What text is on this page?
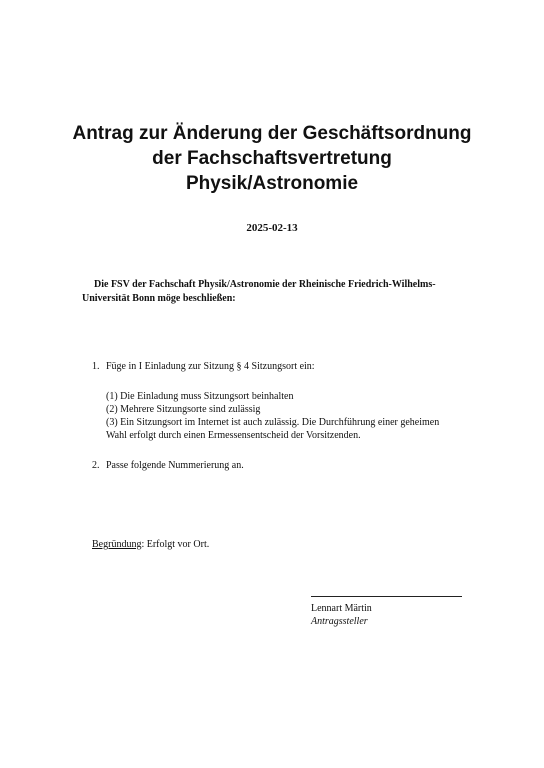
Antrag zur Änderung der Geschäftsordnung
der Fachschaftsvertretung
Physik/Astronomie
2025-02-13
Die FSV der Fachschaft Physik/Astronomie der Rheinische Friedrich-Wilhelms-Universität Bonn möge beschließen:
1. Füge in I Einladung zur Sitzung § 4 Sitzungsort ein:
(1) Die Einladung muss Sitzungsort beinhalten
(2) Mehrere Sitzungsorte sind zulässig
(3) Ein Sitzungsort im Internet ist auch zulässig. Die Durchführung einer geheimen
Wahl erfolgt durch einen Ermessensentscheid der Vorsitzenden.
2. Passe folgende Nummerierung an.
Begründung: Erfolgt vor Ort.
Lennart Märtin
Antragssteller
